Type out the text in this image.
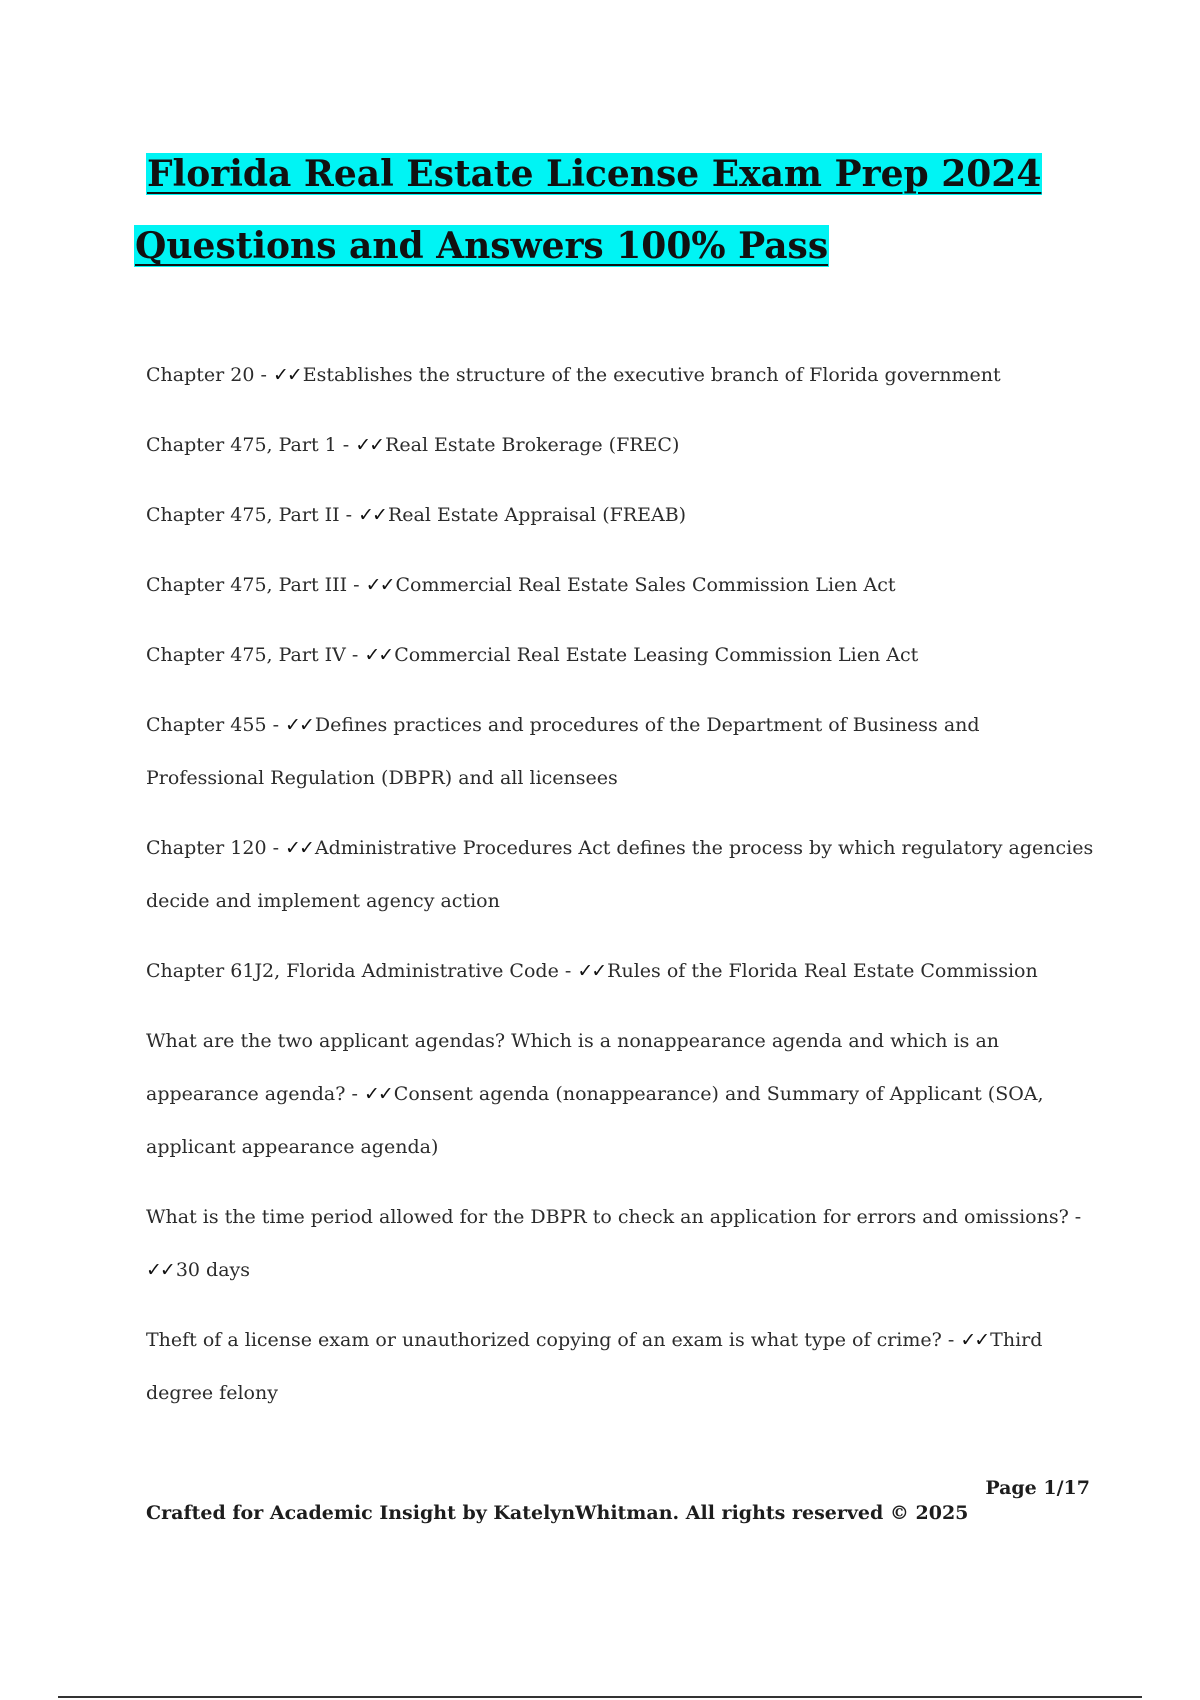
Florida Real Estate License Exam Prep 2024

Questions and Answers 100% Pass

Chapter 20 - ✓✓ Establishes the structure of the executive branch of Florida government
Chapter 475, Part 1 - ✓✓ Real Estate Brokerage (FREC)
Chapter 475, Part II - ✓✓ Real Estate Appraisal (FREAB)
Chapter 475, Part III - ✓✓ Commercial Real Estate Sales Commission Lien Act
Chapter 475, Part IV - ✓✓ Commercial Real Estate Leasing Commission Lien Act
Chapter 455 - ✓✓ Defines practices and procedures of the Department of Business and Professional Regulation (DBPR) and all licensees
Chapter 120 - ✓✓ Administrative Procedures Act defines the process by which regulatory agencies decide and implement agency action
Chapter 61J2, Florida Administrative Code - ✓✓ Rules of the Florida Real Estate Commission
What are the two applicant agendas? Which is a nonappearance agenda and which is an appearance agenda? - ✓✓ Consent agenda (nonappearance) and Summary of Applicant (SOA, applicant appearance agenda)
What is the time period allowed for the DBPR to check an application for errors and omissions? - ✓✓ 30 days
Theft of a license exam or unauthorized copying of an exam is what type of crime? - ✓✓ Third degree felony
Page 1/17
Crafted for Academic Insight by KatelynWhitman. All rights reserved © 2025
